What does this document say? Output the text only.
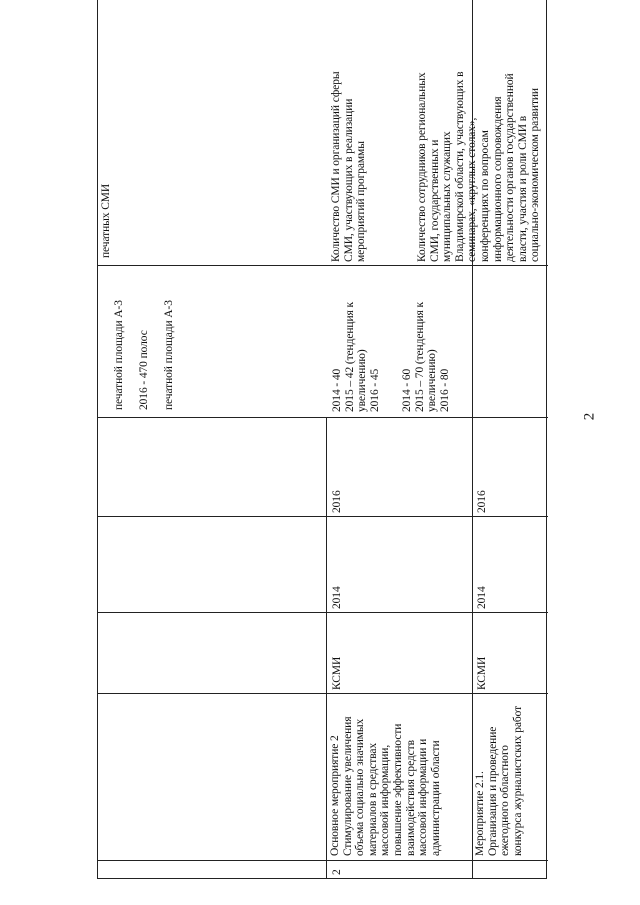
2

печатной площади А-3 2016 - 470 полос печатной площади А-3

печатных СМИ
2
Основное мероприятие 2
Стимулирование увеличения
объема социально значимых
материалов в средствах
массовой информации,
повышение эффективности
взаимодействия средств
массовой информации и
администрации области
КСМИ
2014
2016
2014 - 40
2015 – 42 (тенденция к
увеличению)
2016 - 45
Количество СМИ и организаций сферы
СМИ, участвующих в реализации
мероприятий программы
Мероприятие 2.1.
Организация и проведение
ежегодного областного
конкурса журналистских работ
КСМИ
2014
2016
2014 - 60
2015 – 70 (тенденция к
увеличению)
2016 - 80
Количество сотрудников региональных
СМИ, государственных и
муниципальных служащих
Владимирской области, участвующих в
семинарах, «круглых столах»,
конференциях по вопросам
информационного сопровождения
деятельности органов государственной
власти, участия и роли СМИ в
социально-экономическом развитии
